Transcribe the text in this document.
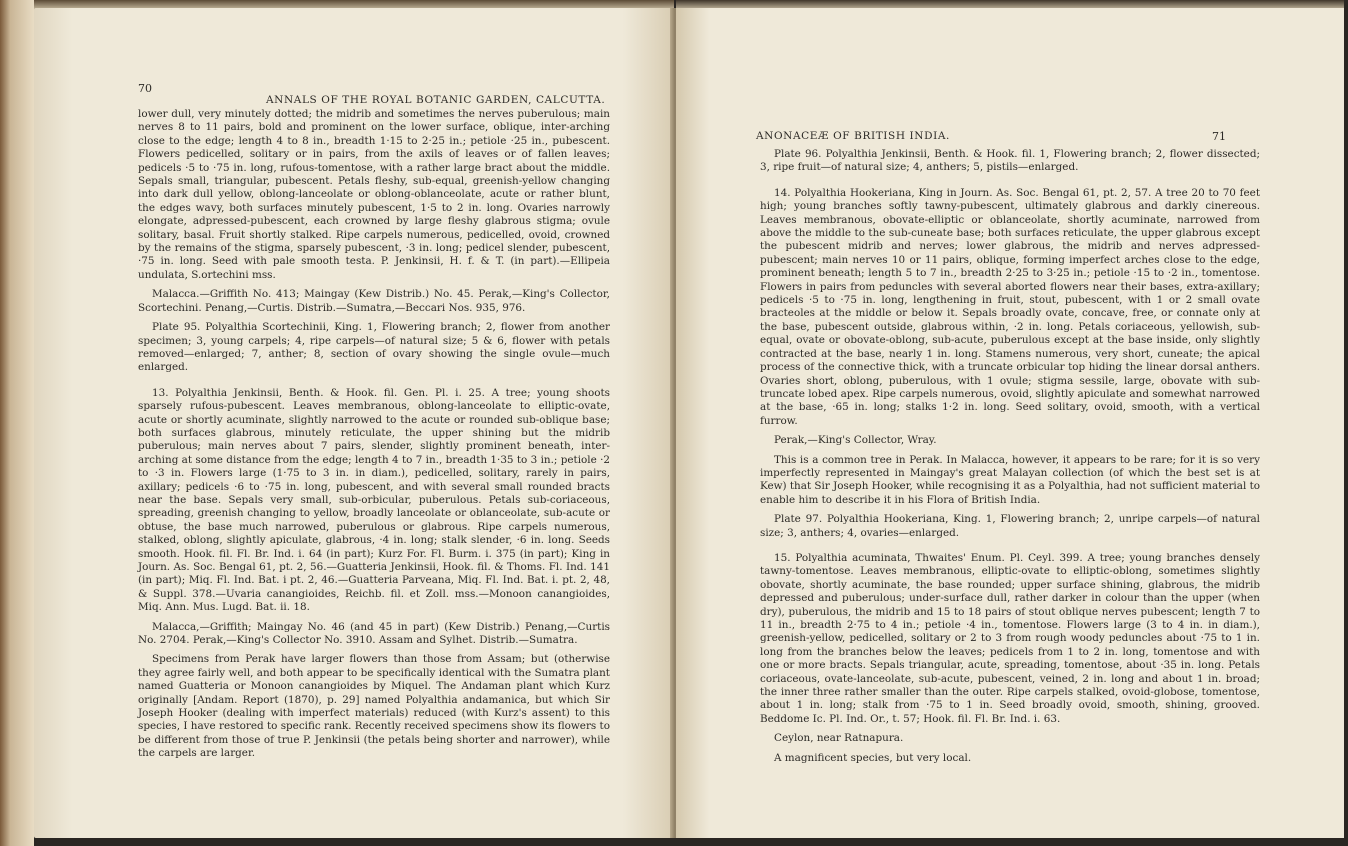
70
ANNALS OF THE ROYAL BOTANIC GARDEN, CALCUTTA.

lower dull, very minutely dotted; the midrib and sometimes the nerves puberulous; main nerves 8 to 11 pairs, bold and prominent on the lower surface, oblique, inter-arching close to the edge; length 4 to 8 in., breadth 1·15 to 2·25 in.; petiole ·25 in., pubescent. Flowers pedicelled, solitary or in pairs, from the axils of leaves or of fallen leaves; pedicels ·5 to ·75 in. long, rufous-tomentose, with a rather large bract about the middle. Sepals small, triangular, pubescent. Petals fleshy, sub-equal, greenish-yellow changing into dark dull yellow, oblong-lanceolate or oblong-oblanceolate, acute or rather blunt, the edges wavy, both surfaces minutely pubescent, 1·5 to 2 in. long. Ovaries narrowly elongate, adpressed-pubescent, each crowned by large fleshy glabrous stigma; ovule solitary, basal. Fruit shortly stalked. Ripe carpels numerous, pedicelled, ovoid, crowned by the remains of the stigma, sparsely pubescent, ·3 in. long; pedicel slender, pubescent, ·75 in. long. Seed with pale smooth testa. P. Jenkinsii, H. f. & T. (in part).—Ellipeia undulata, S.ortechini mss.

Malacca.—Griffith No. 413; Maingay (Kew Distrib.) No. 45. Perak,—King's Collector, Scortechini. Penang,—Curtis. Distrib.—Sumatra,—Beccari Nos. 935, 976.

Plate 95. Polyalthia Scortechinii, King. 1, Flowering branch; 2, flower from another specimen; 3, young carpels; 4, ripe carpels—of natural size; 5 & 6, flower with petals removed—enlarged; 7, anther; 8, section of ovary showing the single ovule—much enlarged.

13. Polyalthia Jenkinsii, Benth. & Hook. fil. Gen. Pl. i. 25. A tree; young shoots sparsely rufous-pubescent. Leaves membranous, oblong-lanceolate to elliptic-ovate, acute or shortly acuminate, slightly narrowed to the acute or rounded sub-oblique base; both surfaces glabrous, minutely reticulate, the upper shining but the midrib puberulous; main nerves about 7 pairs, slender, slightly prominent beneath, inter-arching at some distance from the edge; length 4 to 7 in., breadth 1·35 to 3 in.; petiole ·2 to ·3 in. Flowers large (1·75 to 3 in. in diam.), pedicelled, solitary, rarely in pairs, axillary; pedicels ·6 to ·75 in. long, pubescent, and with several small rounded bracts near the base. Sepals very small, sub-orbicular, puberulous. Petals sub-coriaceous, spreading, greenish changing to yellow, broadly lanceolate or oblanceolate, sub-acute or obtuse, the base much narrowed, puberulous or glabrous. Ripe carpels numerous, stalked, oblong, slightly apiculate, glabrous, ·4 in. long; stalk slender, ·6 in. long. Seeds smooth. Hook. fil. Fl. Br. Ind. i. 64 (in part); Kurz For. Fl. Burm. i. 375 (in part); King in Journ. As. Soc. Bengal 61, pt. 2, 56.—Guatteria Jenkinsii, Hook. fil. & Thoms. Fl. Ind. 141 (in part); Miq. Fl. Ind. Bat. i pt. 2, 46.—Guatteria Parveana, Miq. Fl. Ind. Bat. i. pt. 2, 48, & Suppl. 378.—Uvaria canangioides, Reichb. fil. et Zoll. mss.—Monoon canangioides, Miq. Ann. Mus. Lugd. Bat. ii. 18.

Malacca,—Griffith; Maingay No. 46 (and 45 in part) (Kew Distrib.) Penang,—Curtis No. 2704. Perak,—King's Collector No. 3910. Assam and Sylhet. Distrib.—Sumatra.

Specimens from Perak have larger flowers than those from Assam; but (otherwise they agree fairly well, and both appear to be specifically identical with the Sumatra plant named Guatteria or Monoon canangioides by Miquel. The Andaman plant which Kurz originally [Andam. Report (1870), p. 29] named Polyalthia andamanica, but which Sir Joseph Hooker (dealing with imperfect materials) reduced (with Kurz's assent) to this species, I have restored to specific rank. Recently received specimens show its flowers to be different from those of true P. Jenkinsii (the petals being shorter and narrower), while the carpels are larger.

ANONACEÆ OF BRITISH INDIA.	71

Plate 96. Polyalthia Jenkinsii, Benth. & Hook. fil. 1, Flowering branch; 2, flower dissected; 3, ripe fruit—of natural size; 4, anthers; 5, pistils—enlarged.

14. Polyalthia Hookeriana, King in Journ. As. Soc. Bengal 61, pt. 2, 57. A tree 20 to 70 feet high; young branches softly tawny-pubescent, ultimately glabrous and darkly cinereous. Leaves membranous, obovate-elliptic or oblanceolate, shortly acuminate, narrowed from above the middle to the sub-cuneate base; both surfaces reticulate, the upper glabrous except the pubescent midrib and nerves; lower glabrous, the midrib and nerves adpressed-pubescent; main nerves 10 or 11 pairs, oblique, forming imperfect arches close to the edge, prominent beneath; length 5 to 7 in., breadth 2·25 to 3·25 in.; petiole ·15 to ·2 in., tomentose. Flowers in pairs from peduncles with several aborted flowers near their bases, extra-axillary; pedicels ·5 to ·75 in. long, lengthening in fruit, stout, pubescent, with 1 or 2 small ovate bracteoles at the middle or below it. Sepals broadly ovate, concave, free, or connate only at the base, pubescent outside, glabrous within, ·2 in. long. Petals coriaceous, yellowish, sub-equal, ovate or obovate-oblong, sub-acute, puberulous except at the base inside, only slightly contracted at the base, nearly 1 in. long. Stamens numerous, very short, cuneate; the apical process of the connective thick, with a truncate orbicular top hiding the linear dorsal anthers. Ovaries short, oblong, puberulous, with 1 ovule; stigma sessile, large, obovate with sub-truncate lobed apex. Ripe carpels numerous, ovoid, slightly apiculate and somewhat narrowed at the base, ·65 in. long; stalks 1·2 in. long. Seed solitary, ovoid, smooth, with a vertical furrow.

Perak,—King's Collector, Wray.

This is a common tree in Perak. In Malacca, however, it appears to be rare; for it is so very imperfectly represented in Maingay's great Malayan collection (of which the best set is at Kew) that Sir Joseph Hooker, while recognising it as a Polyalthia, had not sufficient material to enable him to describe it in his Flora of British India.

Plate 97. Polyalthia Hookeriana, King. 1, Flowering branch; 2, unripe carpels—of natural size; 3, anthers; 4, ovaries—enlarged.

15. Polyalthia acuminata, Thwaites' Enum. Pl. Ceyl. 399. A tree; young branches densely tawny-tomentose. Leaves membranous, elliptic-ovate to elliptic-oblong, sometimes slightly obovate, shortly acuminate, the base rounded; upper surface shining, glabrous, the midrib depressed and puberulous; under-surface dull, rather darker in colour than the upper (when dry), puberulous, the midrib and 15 to 18 pairs of stout oblique nerves pubescent; length 7 to 11 in., breadth 2·75 to 4 in.; petiole ·4 in., tomentose. Flowers large (3 to 4 in. in diam.), greenish-yellow, pedicelled, solitary or 2 to 3 from rough woody peduncles about ·75 to 1 in. long from the branches below the leaves; pedicels from 1 to 2 in. long, tomentose and with one or more bracts. Sepals triangular, acute, spreading, tomentose, about ·35 in. long. Petals coriaceous, ovate-lanceolate, sub-acute, pubescent, veined, 2 in. long and about 1 in. broad; the inner three rather smaller than the outer. Ripe carpels stalked, ovoid-globose, tomentose, about 1 in. long; stalk from ·75 to 1 in. Seed broadly ovoid, smooth, shining, grooved. Beddome Ic. Pl. Ind. Or., t. 57; Hook. fil. Fl. Br. Ind. i. 63.

Ceylon, near Ratnapura.

A magnificent species, but very local.
